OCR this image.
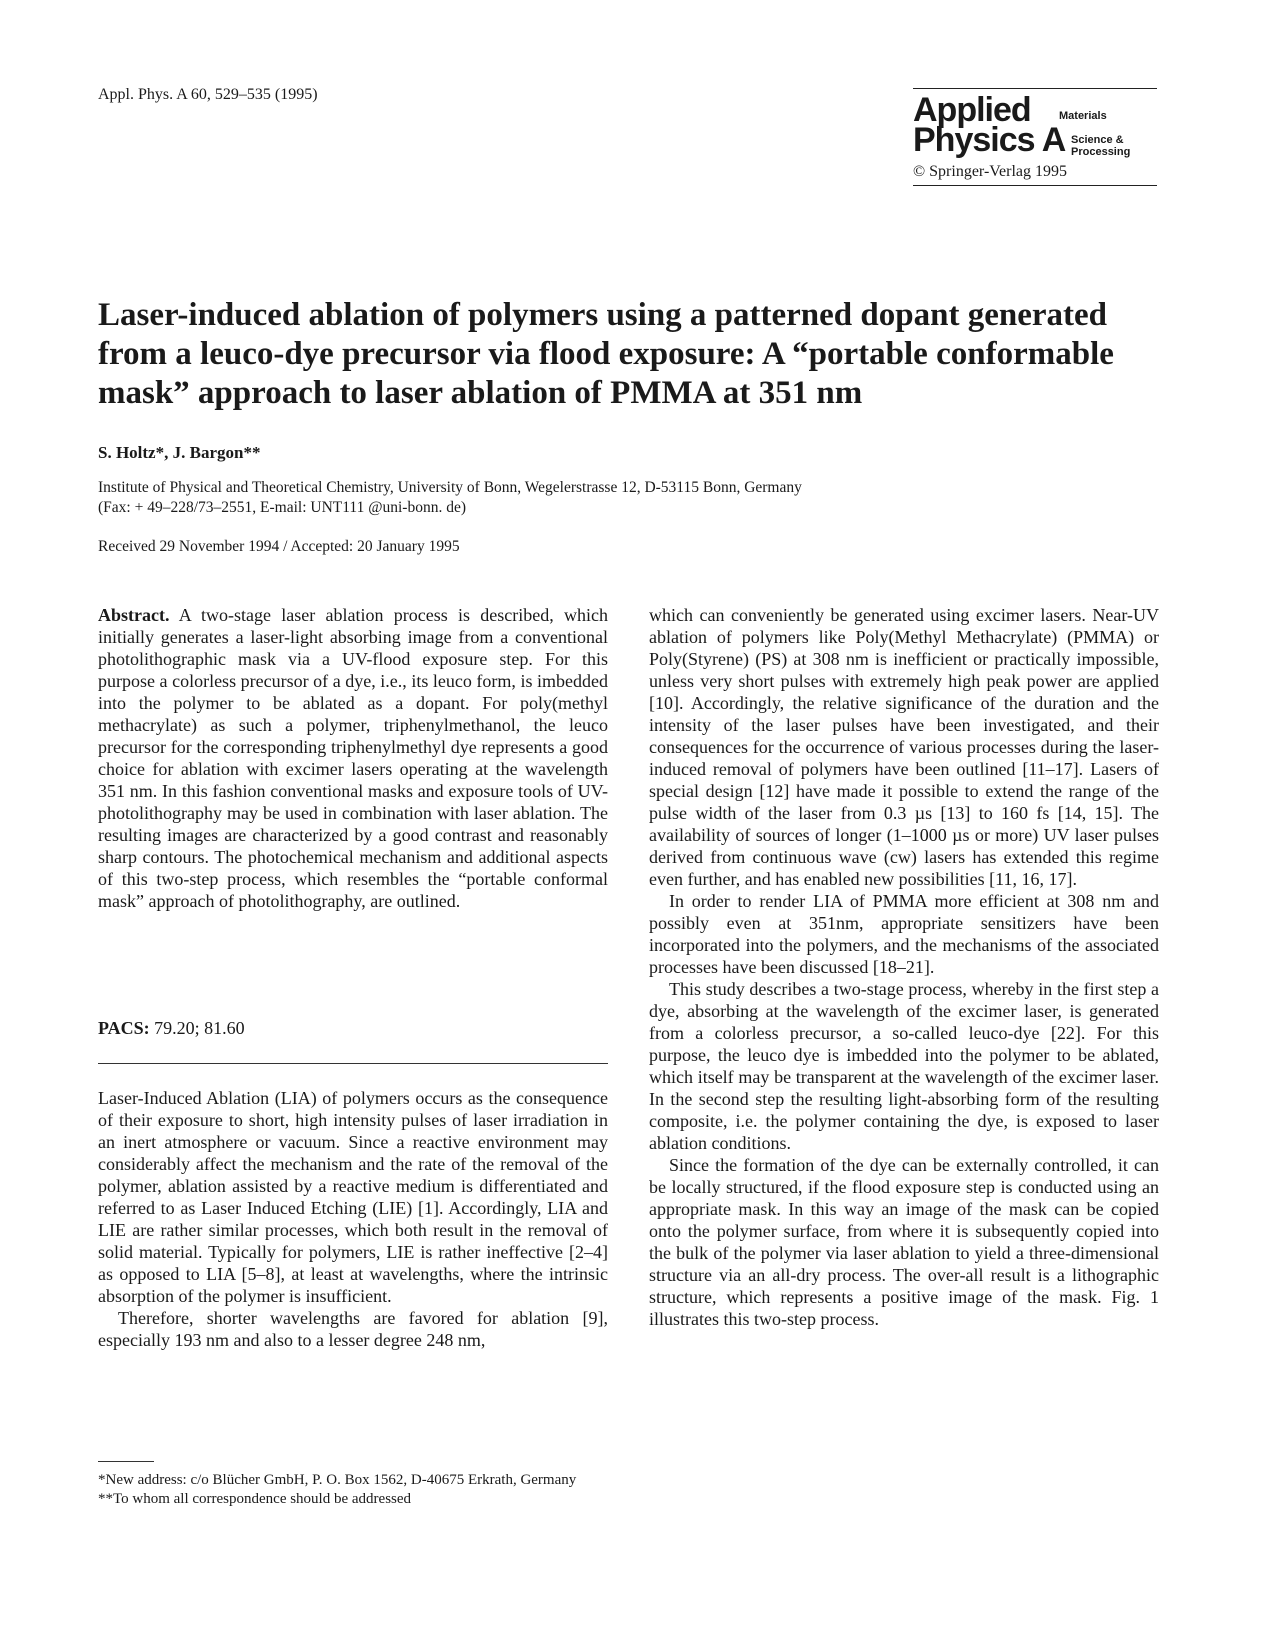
Appl. Phys. A 60, 529–535 (1995)	Applied
Physics A
Materials
Science &
Processing
© Springer-Verlag 1995
Laser-induced ablation of polymers using a patterned dopant generated from a leuco-dye precursor via flood exposure: A “portable conformable mask” approach to laser ablation of PMMA at 351 nm
S. Holtz*, J. Bargon**
Institute of Physical and Theoretical Chemistry, University of Bonn, Wegelerstrasse 12, D-53115 Bonn, Germany
(Fax: + 49–228/73–2551, E-mail: UNT111 @uni-bonn. de)
Received 29 November 1994 / Accepted: 20 January 1995

Abstract. A two-stage laser ablation process is described, which initially generates a laser-light absorbing image from a conventional photolithographic mask via a UV-flood exposure step. For this purpose a colorless precursor of a dye, i.e., its leuco form, is imbedded into the polymer to be ablated as a dopant. For poly(methyl methacrylate) as such a polymer, triphenylmethanol, the leuco precursor for the corresponding triphenylmethyl dye represents a good choice for ablation with excimer lasers operating at the wavelength 351 nm. In this fashion conventional masks and exposure tools of UV-photolithography may be used in combination with laser ablation. The resulting images are characterized by a good contrast and reasonably sharp contours. The photochemical mechanism and additional aspects of this two-step process, which resembles the “portable conformal mask” approach of photolithography, are outlined.

PACS: 79.20; 81.60

Laser-Induced Ablation (LIA) of polymers occurs as the consequence of their exposure to short, high intensity pulses of laser irradiation in an inert atmosphere or vacuum. Since a reactive environment may considerably affect the mechanism and the rate of the removal of the polymer, ablation assisted by a reactive medium is differentiated and referred to as Laser Induced Etching (LIE) [1]. Accordingly, LIA and LIE are rather similar processes, which both result in the removal of solid material. Typically for polymers, LIE is rather ineffective [2–4] as opposed to LIA [5–8], at least at wavelengths, where the intrinsic absorption of the polymer is insufficient.

Therefore, shorter wavelengths are favored for ablation [9], especially 193 nm and also to a lesser degree 248 nm,

*New address: c/o Blücher GmbH, P. O. Box 1562, D-40675 Erkrath, Germany

**To whom all correspondence should be addressed

which can conveniently be generated using excimer lasers. Near-UV ablation of polymers like Poly(Methyl Methacrylate) (PMMA) or Poly(Styrene) (PS) at 308 nm is inefficient or practically impossible, unless very short pulses with extremely high peak power are applied [10]. Accordingly, the relative significance of the duration and the intensity of the laser pulses have been investigated, and their consequences for the occurrence of various processes during the laser-induced removal of polymers have been outlined [11–17]. Lasers of special design [12] have made it possible to extend the range of the pulse width of the laser from 0.3 µs [13] to 160 fs [14, 15]. The availability of sources of longer (1–1000 µs or more) UV laser pulses derived from continuous wave (cw) lasers has extended this regime even further, and has enabled new possibilities [11, 16, 17].

In order to render LIA of PMMA more efficient at 308 nm and possibly even at 351nm, appropriate sensitizers have been incorporated into the polymers, and the mechanisms of the associated processes have been discussed [18–21].

This study describes a two-stage process, whereby in the first step a dye, absorbing at the wavelength of the excimer laser, is generated from a colorless precursor, a so-called leuco-dye [22]. For this purpose, the leuco dye is imbedded into the polymer to be ablated, which itself may be transparent at the wavelength of the excimer laser. In the second step the resulting light-absorbing form of the resulting composite, i.e. the polymer containing the dye, is exposed to laser ablation conditions.

Since the formation of the dye can be externally controlled, it can be locally structured, if the flood exposure step is conducted using an appropriate mask. In this way an image of the mask can be copied onto the polymer surface, from where it is subsequently copied into the bulk of the polymer via laser ablation to yield a three-dimensional structure via an all-dry process. The over-all result is a lithographic structure, which represents a positive image of the mask. Fig. 1 illustrates this two-step process.
